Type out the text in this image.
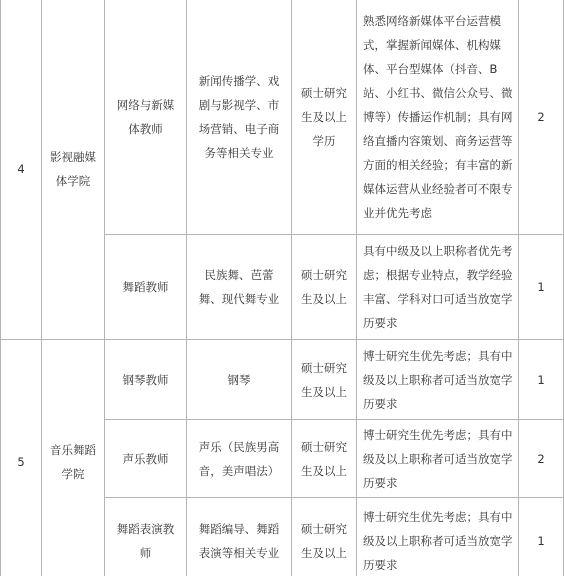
4	影视融媒体学院	网络与新媒体教师	新闻传播学、戏剧与影视学、市场营销、电子商务等相关专业	硕士研究生及以上学历	熟悉网络新媒体平台运营模式，掌握新闻媒体、机构媒体、平台型媒体（抖音、B站、小红书、微信公众号、微博等）传播运作机制；具有网络直播内容策划、商务运营等方面的相关经验；有丰富的新媒体运营从业经验者可不限专业并优先考虑	2

		舞蹈教师	民族舞、芭蕾舞、现代舞专业	硕士研究生及以上	具有中级及以上职称者优先考虑；根据专业特点，教学经验丰富、学科对口可适当放宽学历要求	1
5	音乐舞蹈学院	钢琴教师	钢琴	硕士研究生及以上	博士研究生优先考虑；具有中级及以上职称者可适当放宽学历要求	1

		声乐教师	声乐（民族男高音，美声唱法）	硕士研究生及以上	博士研究生优先考虑；具有中级及以上职称者可适当放宽学历要求	2

		舞蹈表演教师	舞蹈编导、舞蹈表演等相关专业	硕士研究生及以上	博士研究生优先考虑；具有中级及以上职称者可适当放宽学历要求	1
